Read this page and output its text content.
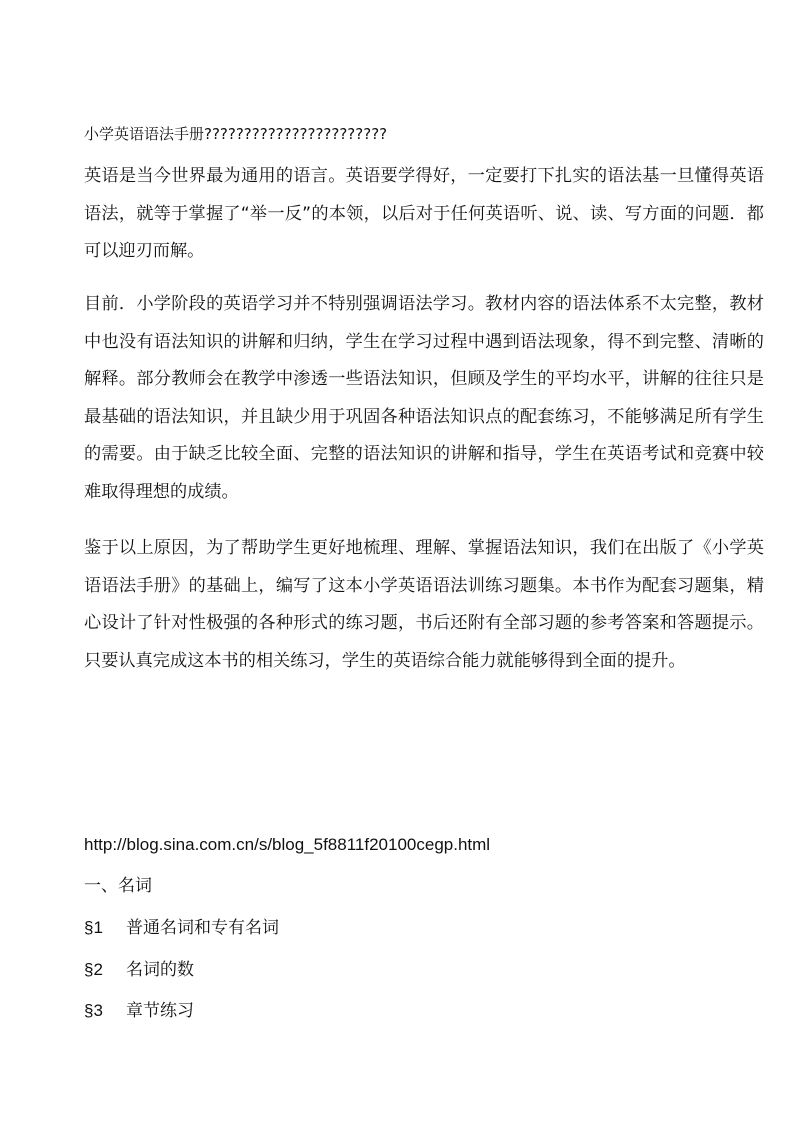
小学英语语法手册???????????????????????
英语是当今世界最为通用的语言。英语要学得好，一定要打下扎实的语法基一旦懂得英语语法，就等于掌握了“举一反”的本领，以后对于任何英语听、说、读、写方面的问题．都可以迎刃而解。
目前．小学阶段的英语学习并不特别强调语法学习。教材内容的语法体系不太完整，教材中也没有语法知识的讲解和归纳，学生在学习过程中遇到语法现象，得不到完整、清晰的解释。部分教师会在教学中渗透一些语法知识，但顾及学生的平均水平，讲解的往往只是最基础的语法知识，并且缺少用于巩固各种语法知识点的配套练习，不能够满足所有学生的需要。由于缺乏比较全面、完整的语法知识的讲解和指导，学生在英语考试和竞赛中较难取得理想的成绩。
鉴于以上原因，为了帮助学生更好地梳理、理解、掌握语法知识，我们在出版了《小学英语语法手册》的基础上，编写了这本小学英语语法训练习题集。本书作为配套习题集，精心设计了针对性极强的各种形式的练习题，书后还附有全部习题的参考答案和答题提示。只要认真完成这本书的相关练习，学生的英语综合能力就能够得到全面的提升。
http://blog.sina.com.cn/s/blog_5f8811f20100cegp.html
一、名词
§1 普通名词和专有名词
§2 名词的数
§3 章节练习
